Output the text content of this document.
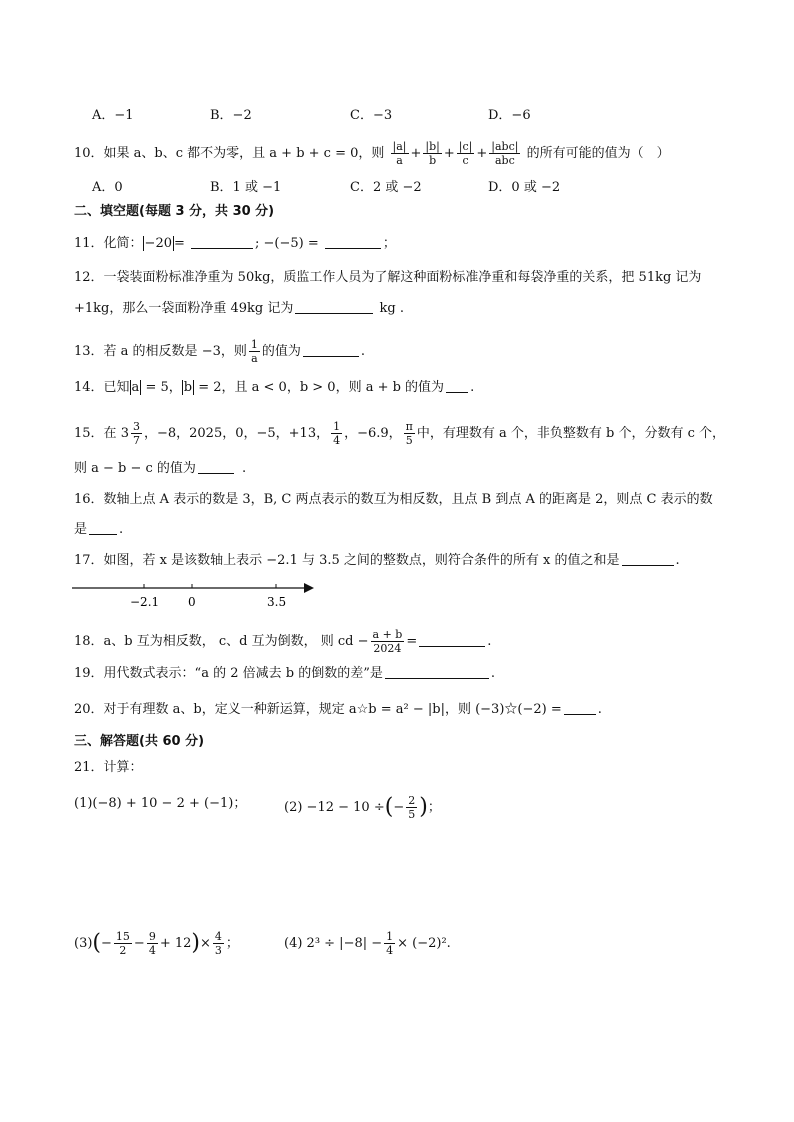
A．−1	B．−2	C．−3	D．−6
10．如果 a、b、c 都不为零，且 a + b + c = 0，则 $\frac{|a|}{a} + \frac{|b|}{b} + \frac{|c|}{c} + \frac{\text{|abc|}}{\text{abc}}$ 的所有可能的值为（　）
A．0	B．1 或 −1	C．2 或 −2	D．0 或 −2
二、填空题(每题 3 分，共 30 分)
11．化简： −20 =	; −(−5) =	；
12．一袋装面粉标准净重为 50kg，质监工作人员为了解这种面粉标准净重和每袋净重的关系，把 51kg 记为
+1kg，那么一袋面粉净重 49kg 记为	kg .
13．若 a 的相反数是 −3，则 $\frac{1}{a}$ 的值为	.
14．已知 a = 5， b = 2，且 a < 0，b > 0，则 a + b 的值为 .
15．在 $3 \frac{3}{7}$ ，−8，2025，0，−5，+13， $\frac{1}{4}$ ，−6.9， $\frac{\pi}{5}$ 中，有理数有 a 个，非负整数有 b 个，分数有 c 个，
则 a − b − c 的值为	.
16．数轴上点 A 表示的数是 3，B, C 两点表示的数互为相反数，且点 B 到点 A 的距离是 2，则点 C 表示的数
是 .
17．如图，若 x 是该数轴上表示 −2.1 与 3.5 之间的整数点，则符合条件的所有 x 的值之和是	.
−2.1 0	3.5
18．a、b 互为相反数， c、d 互为倒数， 则 cd − $\frac{a + b}{2024}$ =	.
19．用代数式表示：“a 的 2 倍减去 b 的倒数的差”是	.
20．对于有理数 a、b，定义一种新运算，规定 a☆b = a² − |b|，则 (−3)☆(−2) =	.
三、解答题(共 60 分)
21．计算：
(1)(−8) + 10 − 2 + (−1)；	(2) −12 − 10 ÷(− $\frac{2}{5}$ )；
$(3)(- \frac{15}{2} - \frac{9}{4} + 12)\times \frac{4}{3}$ ；	(4) $2^3 \div |-8| - \frac{1}{4} \times (-2)^2$.
